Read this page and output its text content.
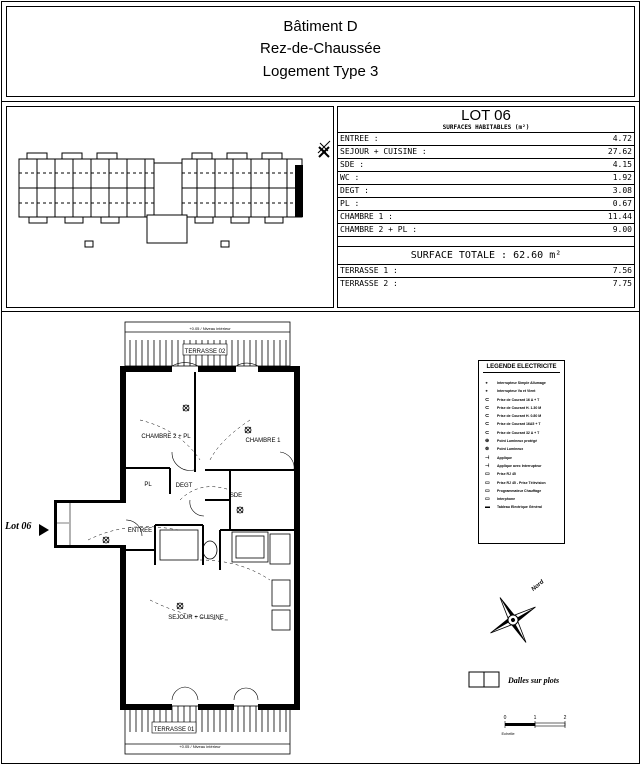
Bâtiment D
Rez-de-Chaussée
Logement Type 3
LOT 06
SURFACES HABITABLES (m²)
ENTREE :	4.72
SEJOUR + CUISINE :	27.62
SDE :	4.15
WC :	1.92
DEGT :	3.08
PL :	0.67
CHAMBRE 1 :	11.44
CHAMBRE 2 + PL :	9.00
SURFACE TOTALE : 62.60 m²
TERRASSE 1 :	7.56
TERRASSE 2 :	7.75
TERRASSE 02
+0.05 / Niveau intérieur
TERRASSE 01
+0.05 / Niveau intérieur
CHAMBRE 2 + PL
CHAMBRE 1
PL	DEGT
SDE
ENTREE
SEJOUR + CUISINE
0	1	2
Echelle
Lot 06
Dalles sur plots
Nord
LEGENDE ELECTRICITE
∘	Interrupteur Simple Allumage
∘	Interrupteur Va et Vient
⊂ Prise de Courant 16 A + T
⊂ Prise de Courant H. 1.30 M
⊂ Prise de Courant H. 0.80 M
⊂ Prise de Courant 16A5 + T
⊂ Prise de Courant 32 A + T
⊕ Point Lumineux protégé
⊗ Point Lumineux
⊣ Applique
⊣ Applique avec Interrupteur
▭ Prise RJ 45
▭ Prise RJ 45 - Prise Télévision
▭ Programmateur Chauffage
▭ Interphone
▬ Tableau Electrique Général
